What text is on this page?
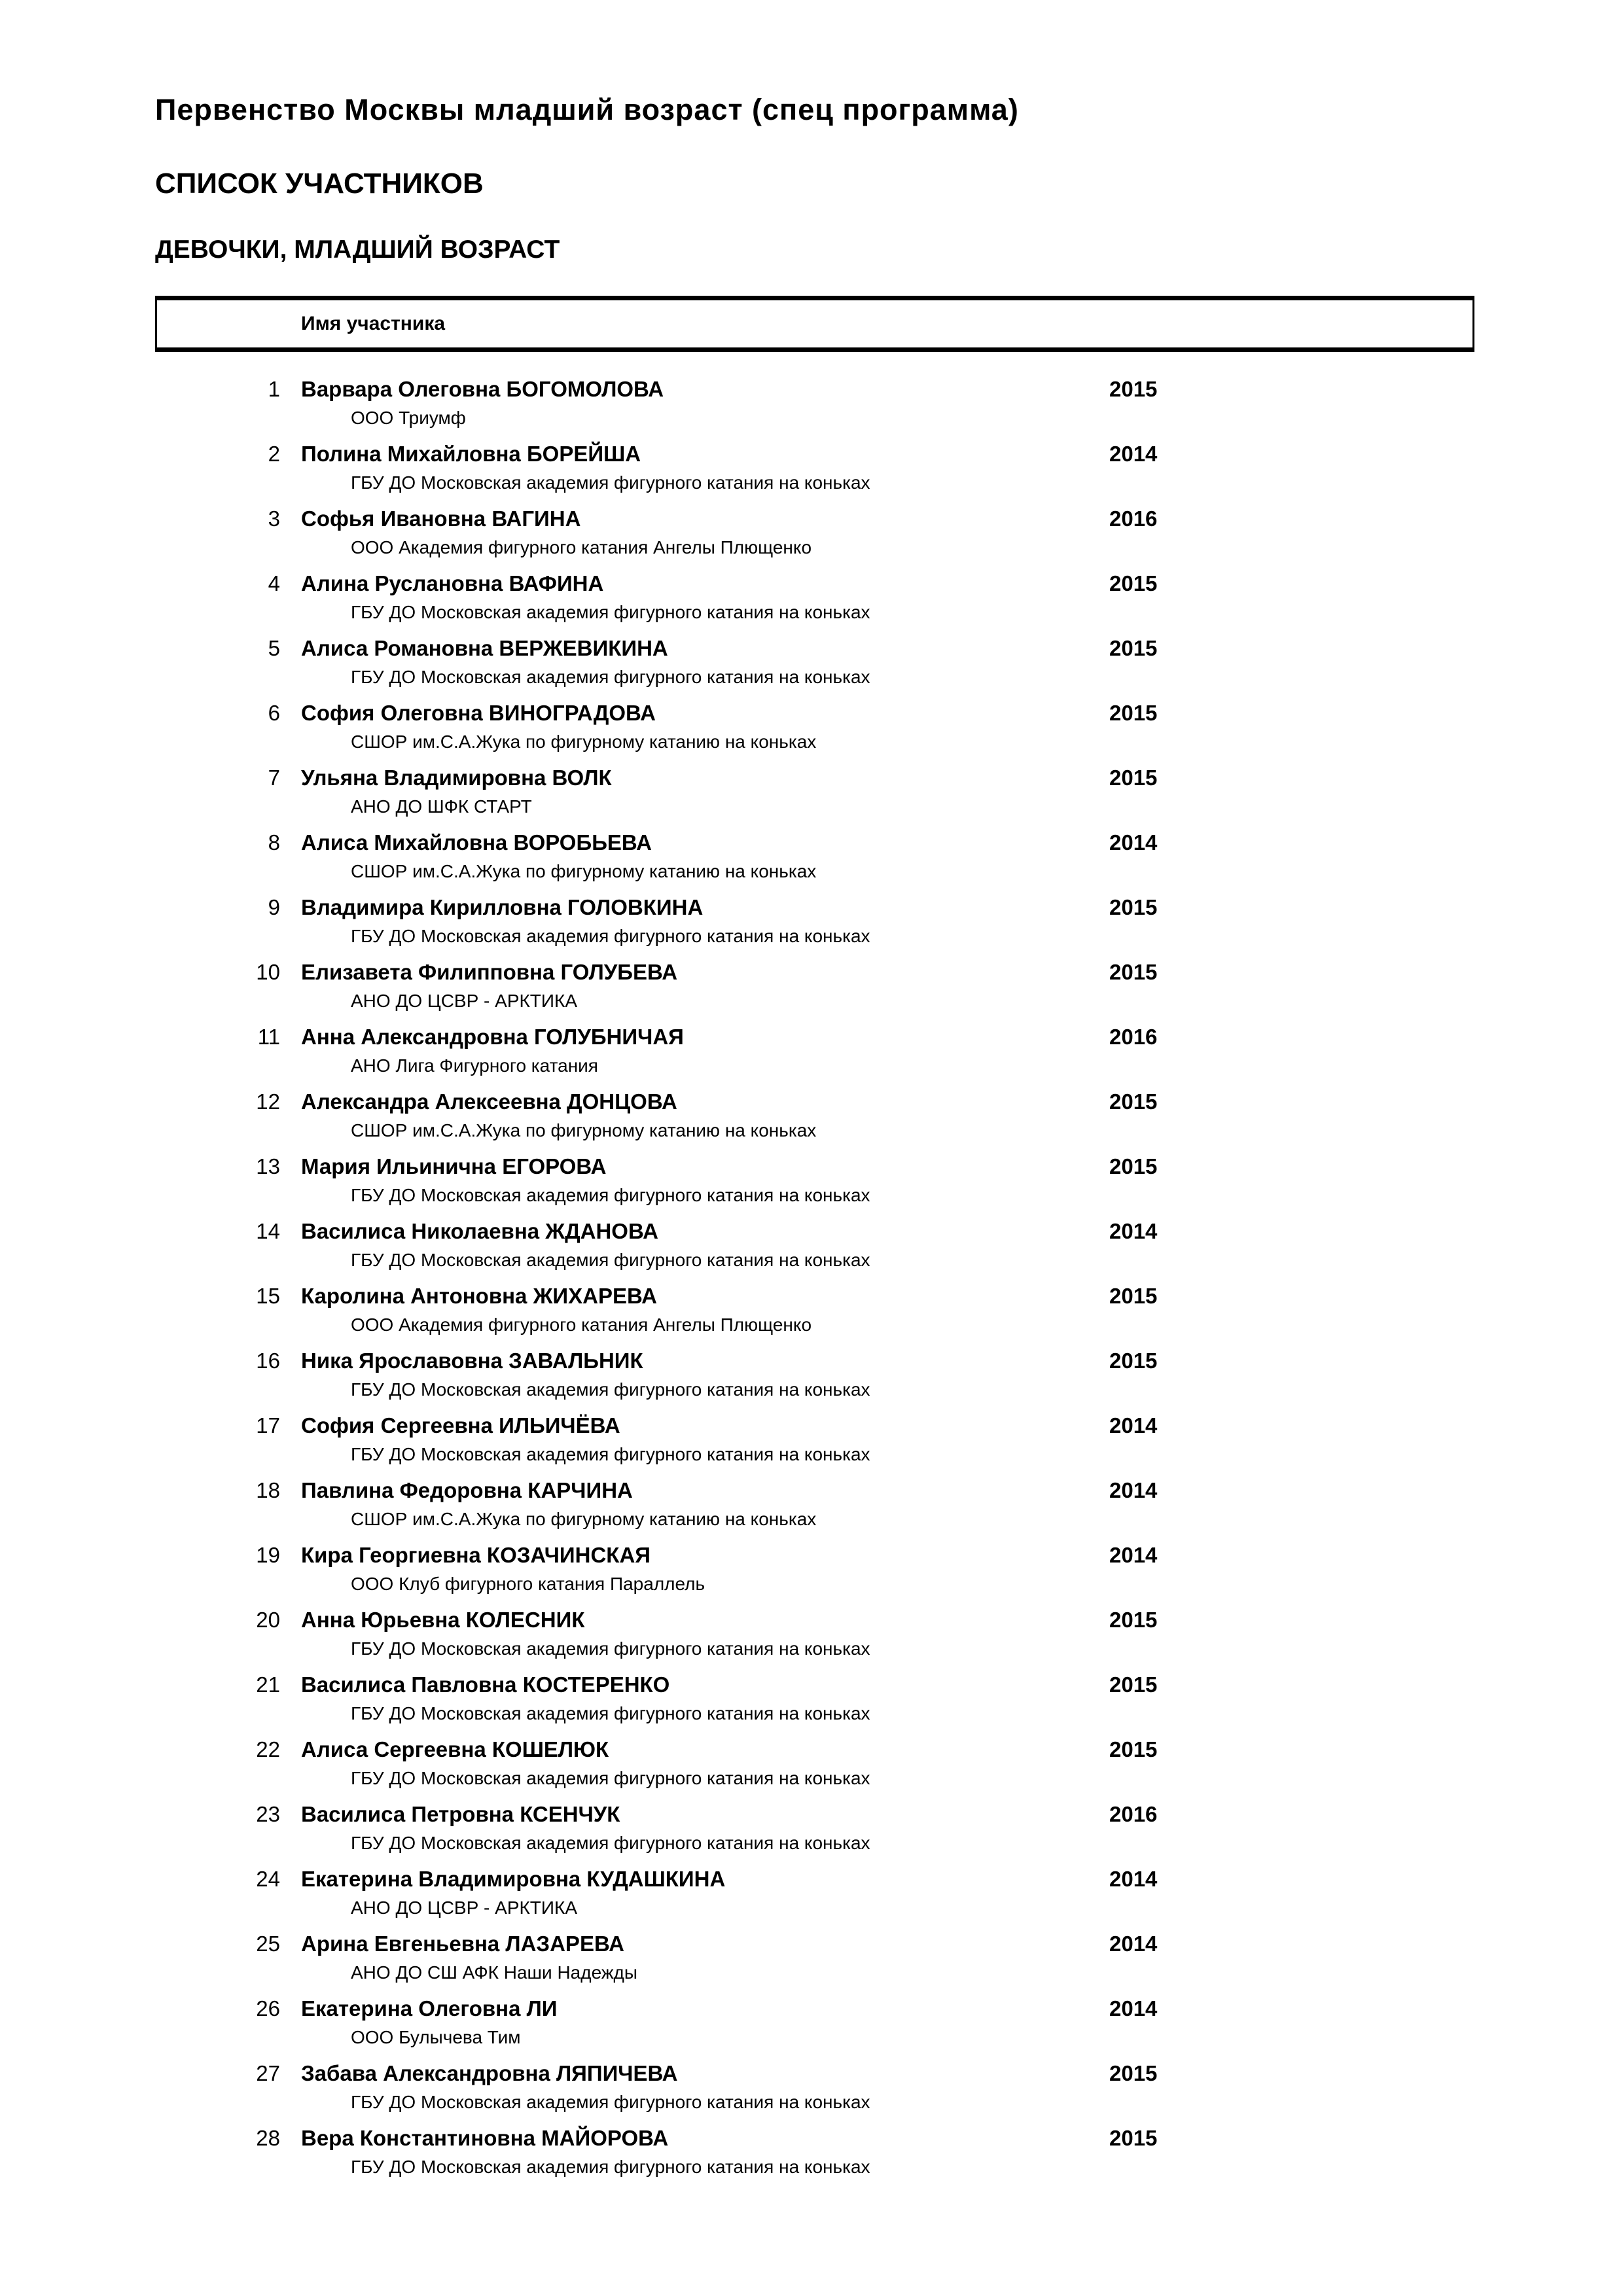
Первенство Москвы младший возраст (спец программа)
СПИСОК УЧАСТНИКОВ
ДЕВОЧКИ, МЛАДШИЙ ВОЗРАСТ
Имя участника
1 Варвара Олеговна БОГОМОЛОВА	2015
ООО Триумф
2 Полина Михайловна БОРЕЙША	2014
ГБУ ДО Московская академия фигурного катания на коньках
3 Софья Ивановна ВАГИНА	2016
ООО Академия фигурного катания Ангелы Плющенко
4 Алина Руслановна ВАФИНА	2015
ГБУ ДО Московская академия фигурного катания на коньках
5 Алиса Романовна ВЕРЖЕВИКИНА	2015
ГБУ ДО Московская академия фигурного катания на коньках
6 София Олеговна ВИНОГРАДОВА	2015
СШОР им.С.А.Жука по фигурному катанию на коньках
7 Ульяна Владимировна ВОЛК	2015
АНО ДО ШФК СТАРТ
8 Алиса Михайловна ВОРОБЬЕВА	2014
СШОР им.С.А.Жука по фигурному катанию на коньках
9 Владимира Кирилловна ГОЛОВКИНА	2015
ГБУ ДО Московская академия фигурного катания на коньках
10 Елизавета Филипповна ГОЛУБЕВА	2015
АНО ДО ЦСВР - АРКТИКА
11 Анна Александровна ГОЛУБНИЧАЯ	2016
АНО Лига Фигурного катания
12 Александра Алексеевна ДОНЦОВА	2015
СШОР им.С.А.Жука по фигурному катанию на коньках
13 Мария Ильинична ЕГОРОВА	2015
ГБУ ДО Московская академия фигурного катания на коньках
14 Василиса Николаевна ЖДАНОВА	2014
ГБУ ДО Московская академия фигурного катания на коньках
15 Каролина Антоновна ЖИХАРЕВА	2015
ООО Академия фигурного катания Ангелы Плющенко
16 Ника Ярославовна ЗАВАЛЬНИК	2015
ГБУ ДО Московская академия фигурного катания на коньках
17 София Сергеевна ИЛЬИЧЁВА	2014
ГБУ ДО Московская академия фигурного катания на коньках
18 Павлина Федоровна КАРЧИНА	2014
СШОР им.С.А.Жука по фигурному катанию на коньках
19 Кира Георгиевна КОЗАЧИНСКАЯ	2014
ООО Клуб фигурного катания Параллель
20 Анна Юрьевна КОЛЕСНИК	2015
ГБУ ДО Московская академия фигурного катания на коньках
21 Василиса Павловна КОСТЕРЕНКО	2015
ГБУ ДО Московская академия фигурного катания на коньках
22 Алиса Сергеевна КОШЕЛЮК	2015
ГБУ ДО Московская академия фигурного катания на коньках
23 Василиса Петровна КСЕНЧУК	2016
ГБУ ДО Московская академия фигурного катания на коньках
24 Екатерина Владимировна КУДАШКИНА	2014
АНО ДО ЦСВР - АРКТИКА
25 Арина Евгеньевна ЛАЗАРЕВА	2014
АНО ДО СШ АФК Наши Надежды
26 Екатерина Олеговна ЛИ	2014
ООО Булычева Тим
27 Забава Александровна ЛЯПИЧЕВА	2015
ГБУ ДО Московская академия фигурного катания на коньках
28 Вера Константиновна МАЙОРОВА	2015
ГБУ ДО Московская академия фигурного катания на коньках
